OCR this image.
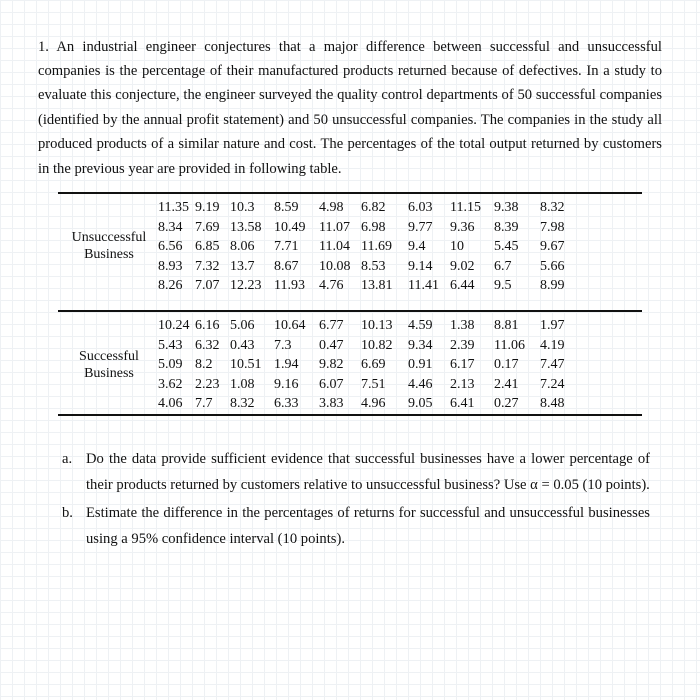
1. An industrial engineer conjectures that a major difference between successful and unsuccessful companies is the percentage of their manufactured products returned because of defectives. In a study to evaluate this conjecture, the engineer surveyed the quality control departments of 50 successful companies (identified by the annual profit statement) and 50 unsuccessful companies. The companies in the study all produced products of a similar nature and cost. The percentages of the total output returned by customers in the previous year are provided in following table.

Unsuccessful Business
11.35	9.19	10.3	8.59	4.98	6.82	6.03	11.15	9.38	8.32
8.34	7.69	13.58	10.49	11.07	6.98	9.77	9.36	8.39	7.98
6.56	6.85	8.06	7.71	11.04	11.69	9.4	10	5.45	9.67
8.93	7.32	13.7	8.67	10.08	8.53	9.14	9.02	6.7	5.66
8.26	7.07	12.23	11.93	4.76	13.81	11.41	6.44	9.5	8.99
Successful Business
10.24	6.16	5.06	10.64	6.77	10.13	4.59	1.38	8.81	1.97
5.43	6.32	0.43	7.3	0.47	10.82	9.34	2.39	11.06	4.19
5.09	8.2	10.51	1.94	9.82	6.69	0.91	6.17	0.17	7.47
3.62	2.23	1.08	9.16	6.07	7.51	4.46	2.13	2.41	7.24
4.06	7.7	8.32	6.33	3.83	4.96	9.05	6.41	0.27	8.48
a. Do the data provide sufficient evidence that successful businesses have a lower percentage of their products returned by customers relative to unsuccessful business? Use α = 0.05 (10 points).
b. Estimate the difference in the percentages of returns for successful and unsuccessful businesses using a 95% confidence interval (10 points).
